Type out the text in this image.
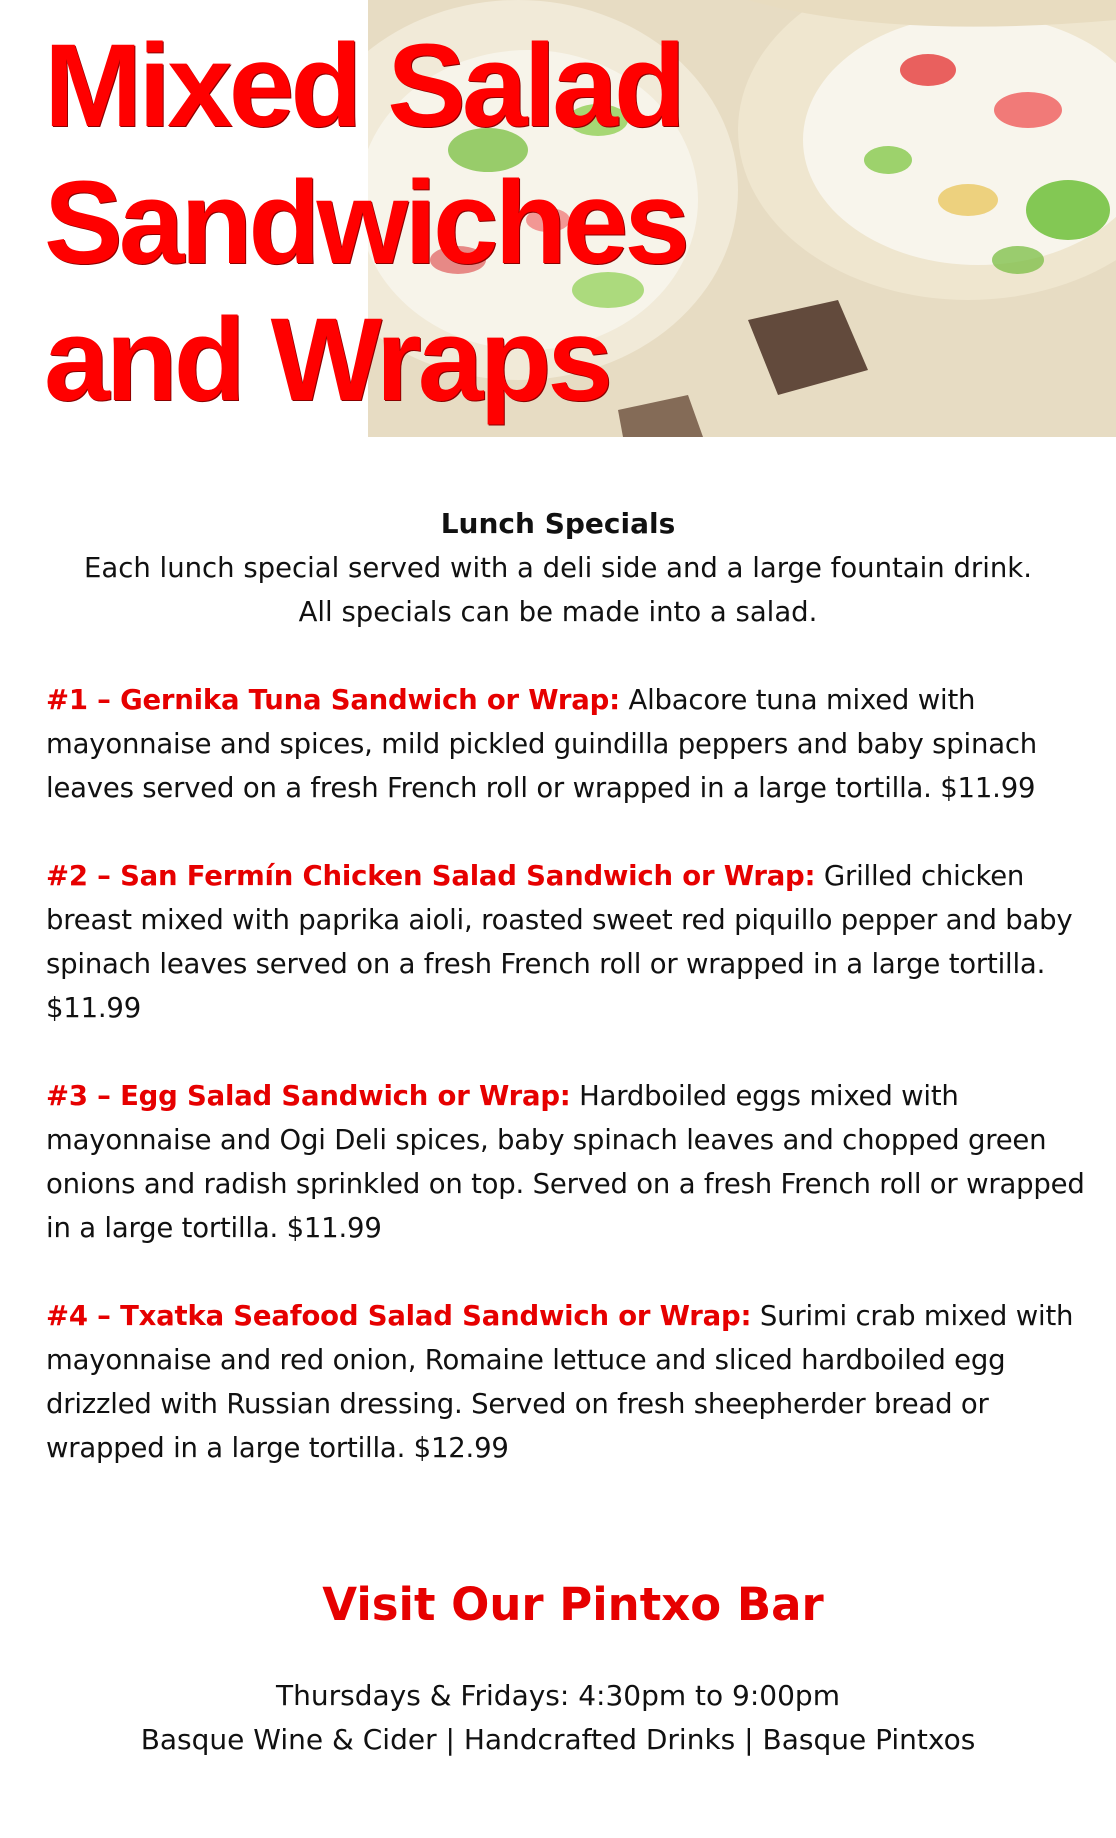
Mixed Salad
Sandwiches
and Wraps
Lunch Specials
Each lunch special served with a deli side and a large fountain drink.
All specials can be made into a salad.

#1 – Gernika Tuna Sandwich or Wrap: Albacore tuna mixed with mayonnaise and spices, mild pickled guindilla peppers and baby spinach leaves served on a fresh French roll or wrapped in a large tortilla. $11.99

#2 – San Fermín Chicken Salad Sandwich or Wrap: Grilled chicken breast mixed with paprika aioli, roasted sweet red piquillo pepper and baby spinach leaves served on a fresh French roll or wrapped in a large tortilla. $11.99

#3 – Egg Salad Sandwich or Wrap: Hardboiled eggs mixed with mayonnaise and Ogi Deli spices, baby spinach leaves and chopped green onions and radish sprinkled on top. Served on a fresh French roll or wrapped in a large tortilla. $11.99

#4 – Txatka Seafood Salad Sandwich or Wrap: Surimi crab mixed with mayonnaise and red onion, Romaine lettuce and sliced hardboiled egg drizzled with Russian dressing. Served on fresh sheepherder bread or wrapped in a large tortilla. $12.99

Visit Our Pintxo Bar
Thursdays & Fridays: 4:30pm to 9:00pm
Basque Wine & Cider | Handcrafted Drinks | Basque Pintxos
